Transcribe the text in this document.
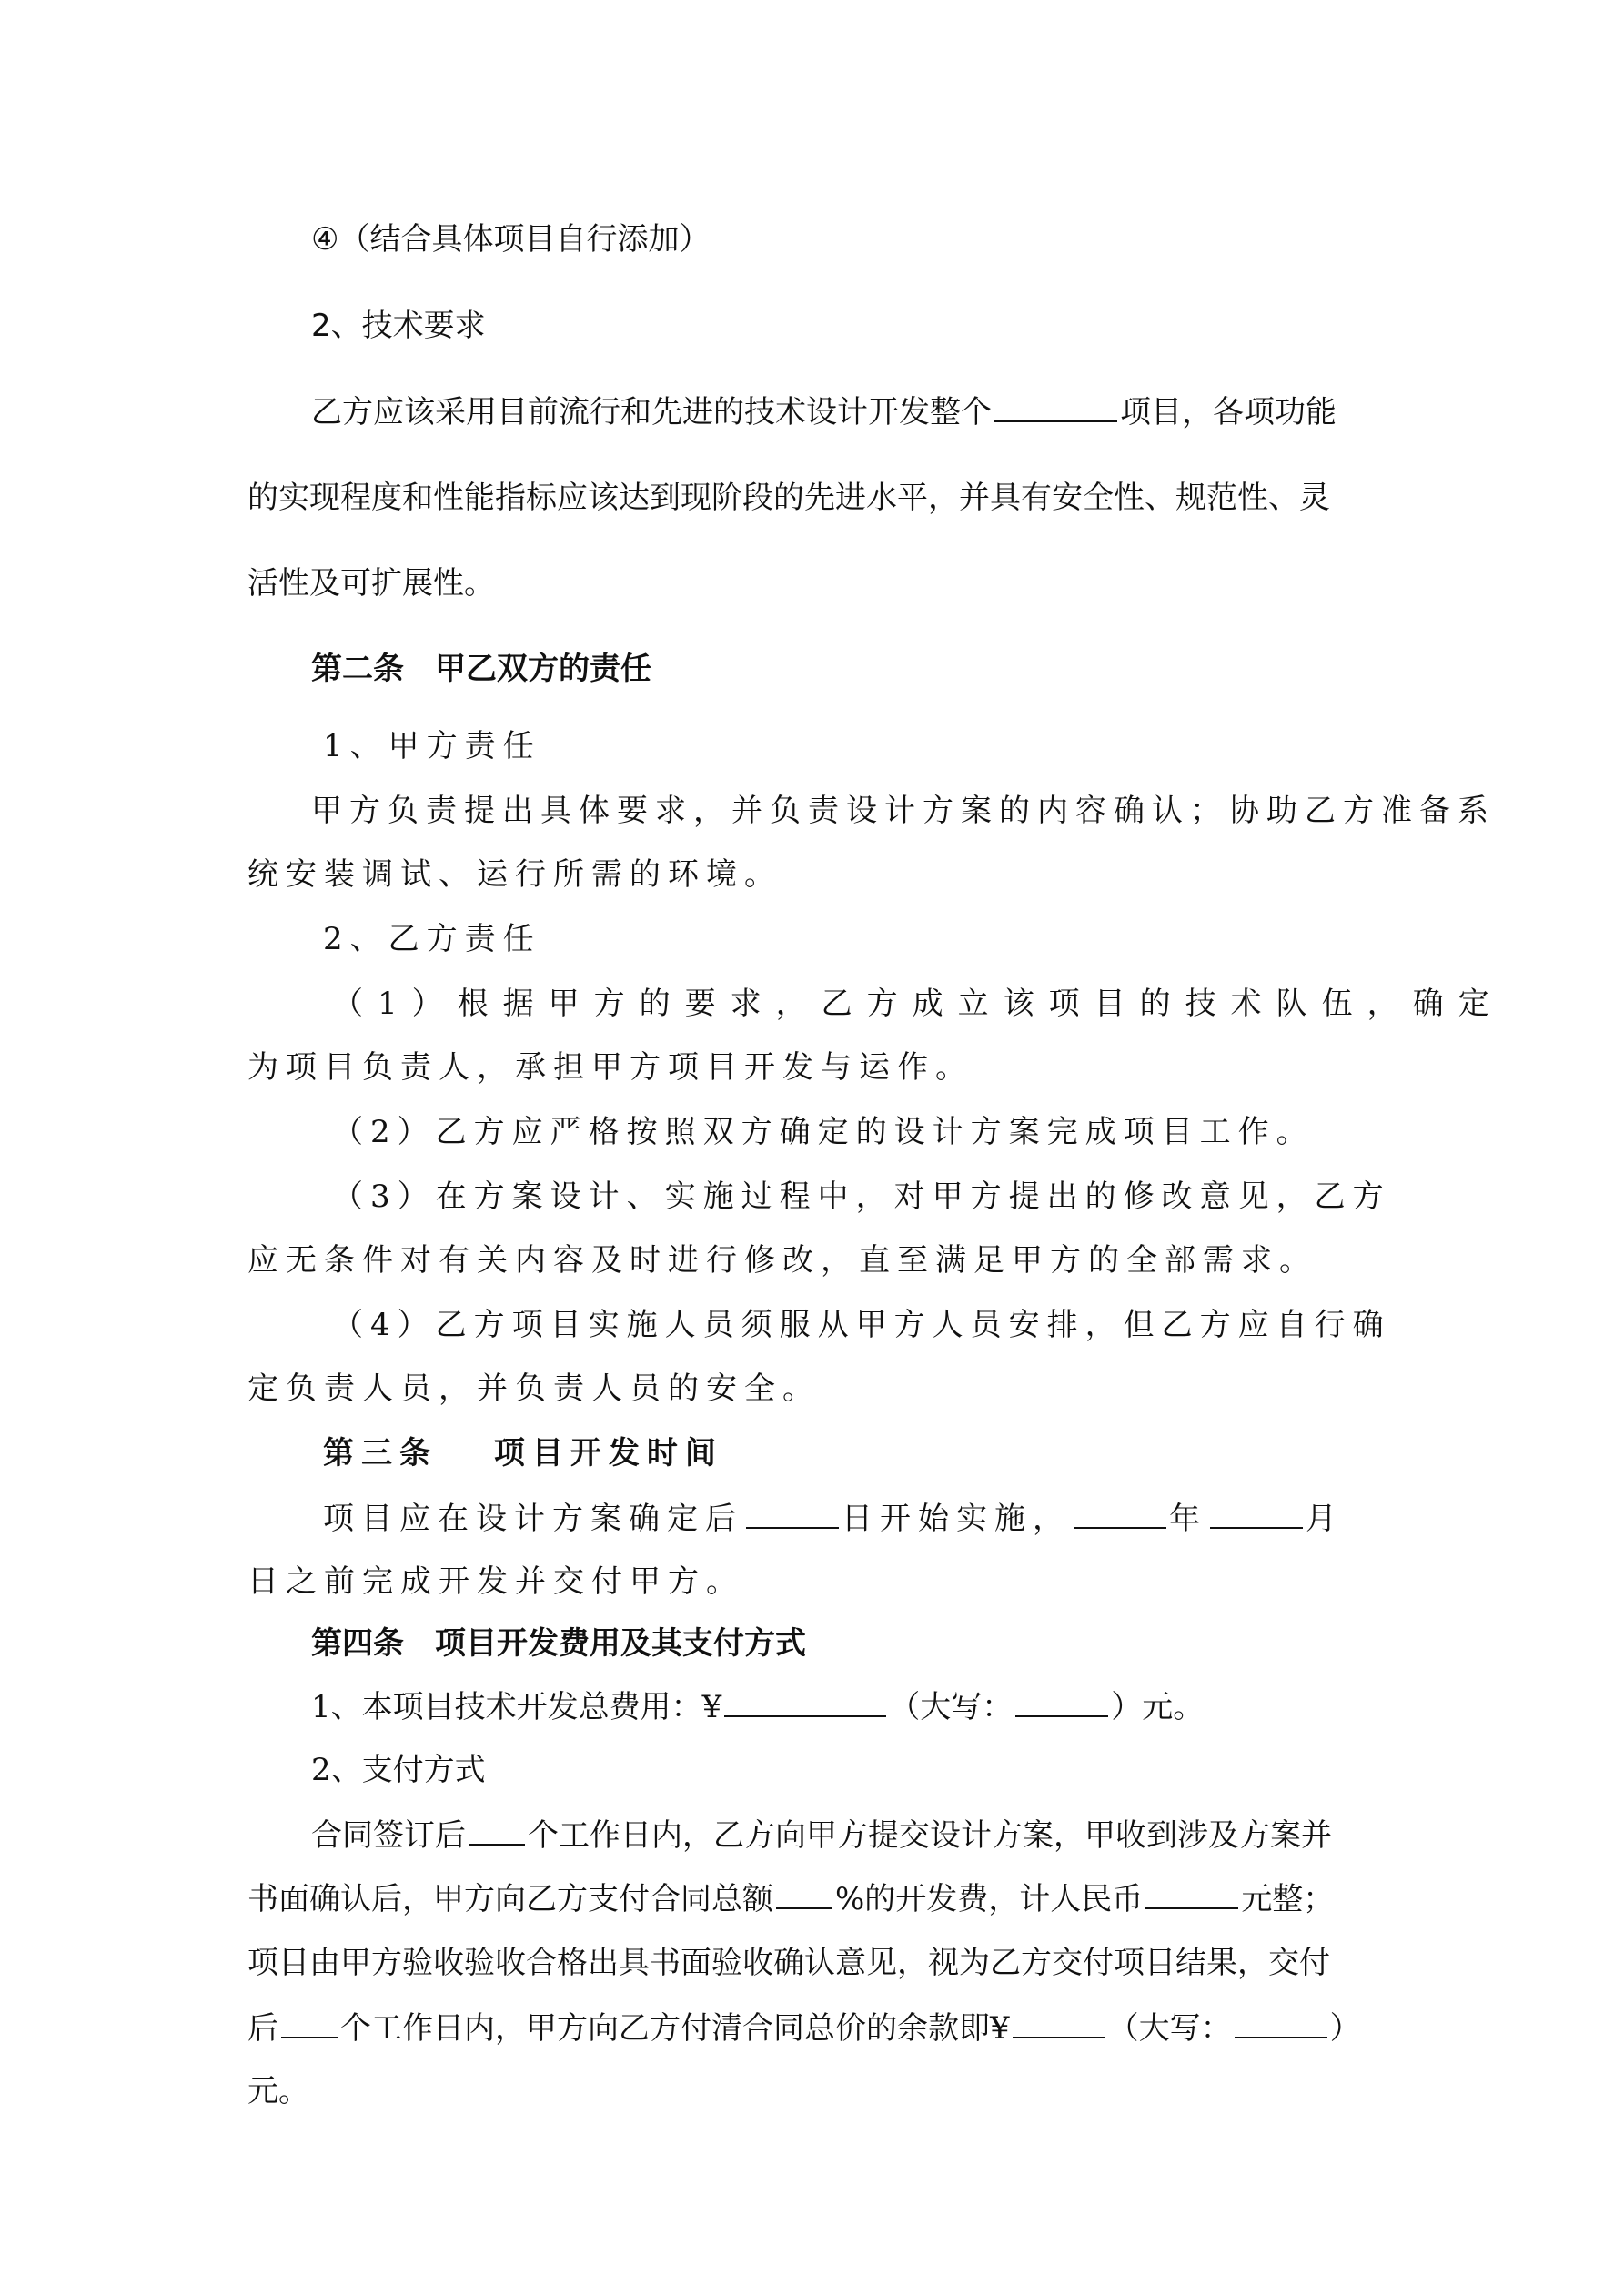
④（结合具体项目自行添加）

2、技术要求

乙方应该采用目前流行和先进的技术设计开发整个	项目，各项功能

的实现程度和性能指标应该达到现阶段的先进水平，并具有安全性、规范性、灵

活性及可扩展性。

第二条　甲乙双方的责任

1、甲方责任

甲方负责提出具体要求，并负责设计方案的内容确认；协助乙方准备系

统安装调试、运行所需的环境。

2、乙方责任

（1）根据甲方的要求，乙方成立该项目的技术队伍，确定

为项目负责人，承担甲方项目开发与运作。

（2）乙方应严格按照双方确定的设计方案完成项目工作。

（3）在方案设计、实施过程中，对甲方提出的修改意见，乙方

应无条件对有关内容及时进行修改，直至满足甲方的全部需求。

（4）乙方项目实施人员须服从甲方人员安排，但乙方应自行确

定负责人员，并负责人员的安全。

第三条　 项目开发时间

项目应在设计方案确定后	日开始实施，	年	月

日之前完成开发并交付甲方。

第四条　项目开发费用及其支付方式

1、本项目技术开发总费用：¥	（大写：	）元。

2、支付方式

合同签订后 个工作日内，乙方向甲方提交设计方案，甲收到涉及方案并

书面确认后，甲方向乙方支付合同总额 %的开发费，计人民币	元整；

项目由甲方验收验收合格出具书面验收确认意见，视为乙方交付项目结果，交付

后 个工作日内，甲方向乙方付清合同总价的余款即¥	（大写：	）

元。
